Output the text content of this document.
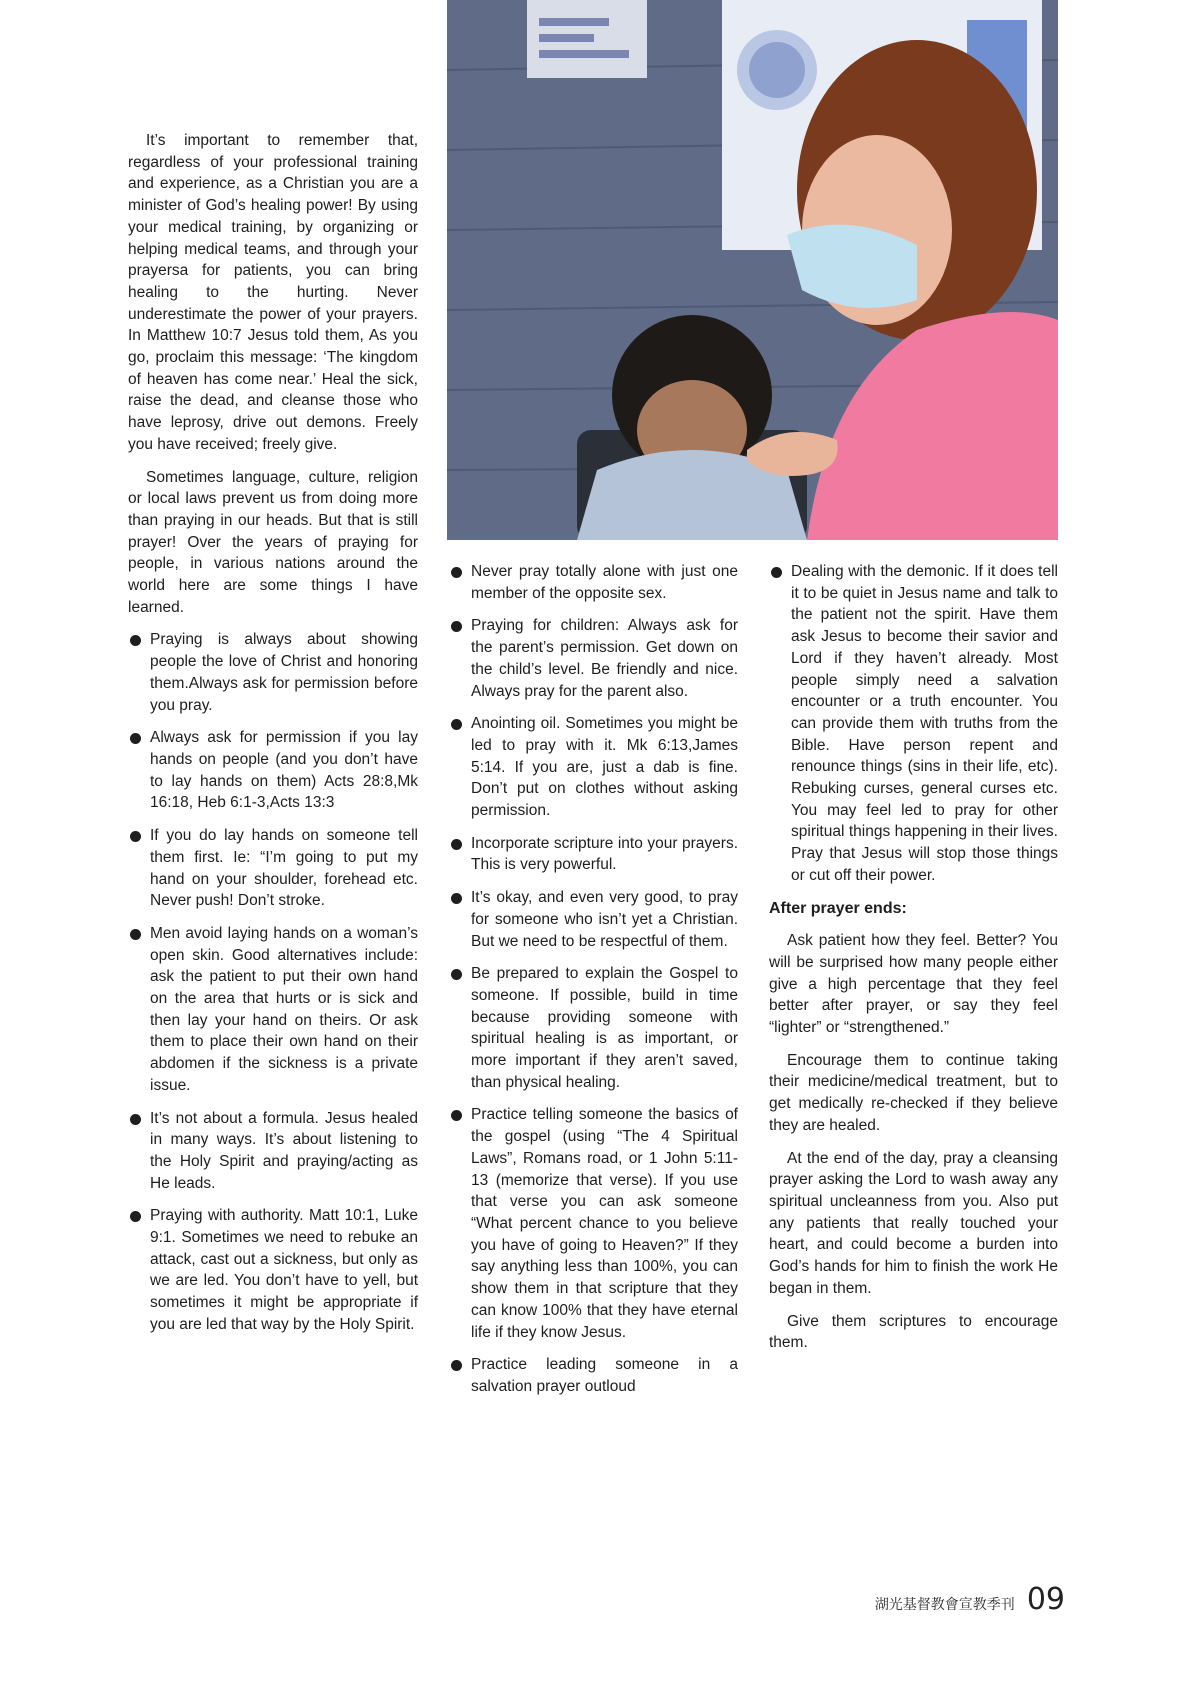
It’s important to remember that, regardless of your professional training and experience, as a Christian you are a minister of God’s healing power! By using your medical training, by organizing or helping medical teams, and through your prayersa for patients, you can bring healing to the hurting. Never underestimate the power of your prayers. In Matthew 10:7 Jesus told them, As you go, proclaim this message: ‘The kingdom of heaven has come near.’ Heal the sick, raise the dead, and cleanse those who have leprosy, drive out demons. Freely you have received; freely give.

Sometimes language, culture, religion or local laws prevent us from doing more than praying in our heads. But that is still prayer! Over the years of praying for people, in various nations around the world here are some things I have learned.

Praying is always about showing people the love of Christ and honoring them.Always ask for permission before you pray.
Always ask for permission if you lay hands on people (and you don’t have to lay hands on them) Acts 28:8,Mk 16:18, Heb 6:1-3,Acts 13:3
If you do lay hands on someone tell them first. Ie: “I’m going to put my hand on your shoulder, forehead etc. Never push! Don’t stroke.
Men avoid laying hands on a woman’s open skin. Good alternatives include: ask the patient to put their own hand on the area that hurts or is sick and then lay your hand on theirs. Or ask them to place their own hand on their abdomen if the sickness is a private issue.
It’s not about a formula. Jesus healed in many ways. It’s about listening to the Holy Spirit and praying/acting as He leads.
Praying with authority. Matt 10:1, Luke 9:1. Sometimes we need to rebuke an attack, cast out a sickness, but only as we are led. You don’t have to yell, but sometimes it might be appropriate if you are led that way by the Holy Spirit.
Never pray totally alone with just one member of the opposite sex.
Praying for children: Always ask for the parent’s permission. Get down on the child’s level. Be friendly and nice. Always pray for the parent also.
Anointing oil. Sometimes you might be led to pray with it. Mk 6:13,James 5:14. If you are, just a dab is fine. Don’t put on clothes without asking permission.
Incorporate scripture into your prayers. This is very powerful.
It’s okay, and even very good, to pray for someone who isn’t yet a Christian. But we need to be respectful of them.
Be prepared to explain the Gospel to someone. If possible, build in time because providing someone with spiritual healing is as important, or more important if they aren’t saved, than physical healing.
Practice telling someone the basics of the gospel (using “The 4 Spiritual Laws”, Romans road, or 1 John 5:11-13 (memorize that verse). If you use that verse you can ask someone “What percent chance to you believe you have of going to Heaven?” If they say anything less than 100%, you can show them in that scripture that they can know 100% that they have eternal life if they know Jesus.
Practice leading someone in a salvation prayer outloud
Dealing with the demonic. If it does tell it to be quiet in Jesus name and talk to the patient not the spirit. Have them ask Jesus to become their savior and Lord if they haven’t already. Most people simply need a salvation encounter or a truth encounter. You can provide them with truths from the Bible. Have person repent and renounce things (sins in their life, etc). Rebuking curses, general curses etc. You may feel led to pray for other spiritual things happening in their lives. Pray that Jesus will stop those things or cut off their power.

After prayer ends:

Ask patient how they feel. Better? You will be surprised how many people either give a high percentage that they feel better after prayer, or say they feel “lighter” or “strengthened.”

Encourage them to continue taking their medicine/medical treatment, but to get medically re-checked if they believe they are healed.

At the end of the day, pray a cleansing prayer asking the Lord to wash away any spiritual uncleanness from you. Also put any patients that really touched your heart, and could become a burden into God’s hands for him to finish the work He began in them.

Give them scriptures to encourage them.

湖光基督教會宣教季刊 09
